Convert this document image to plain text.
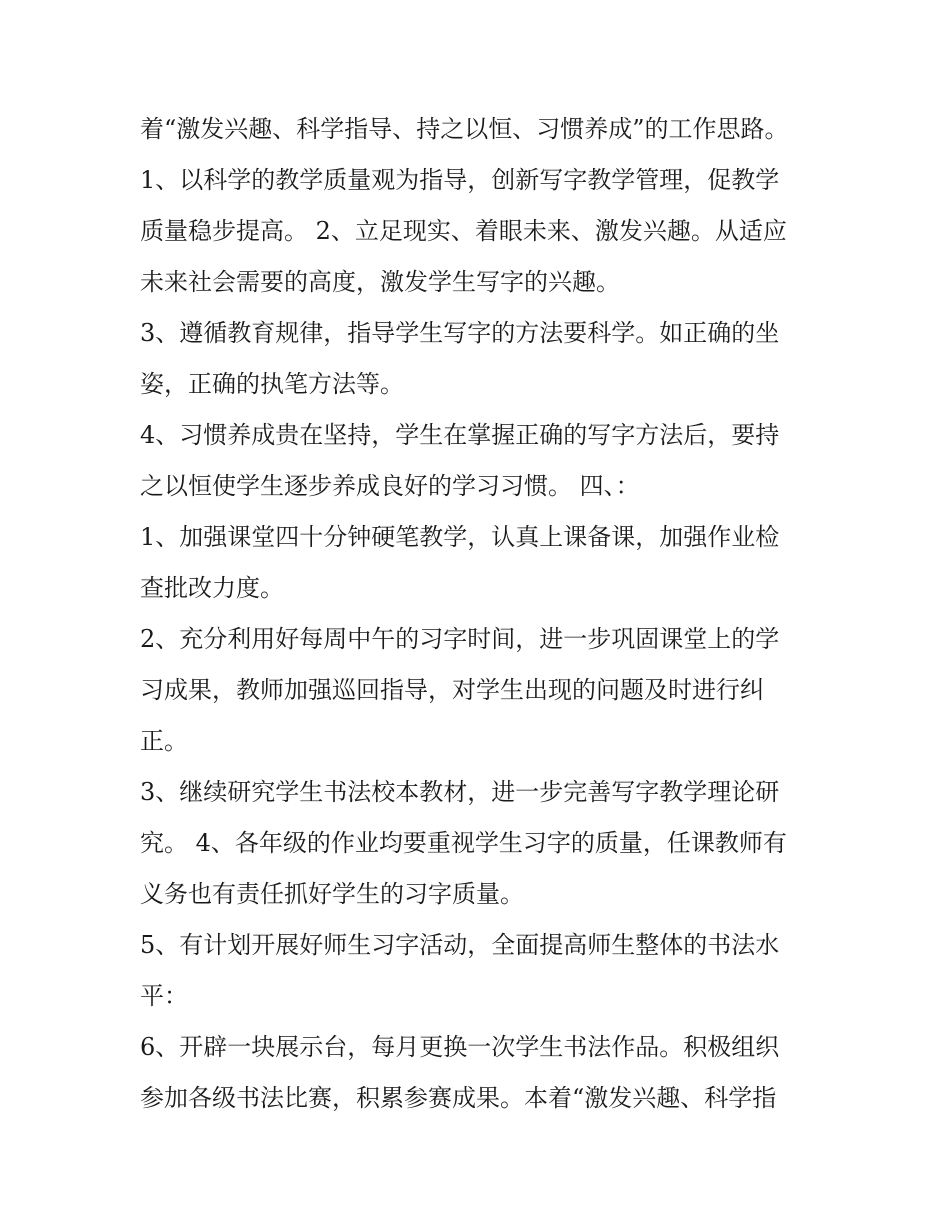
着“激发兴趣、科学指导、持之以恒、习惯养成”的工作思路。
1、以科学的教学质量观为指导，创新写字教学管理，促教学
质量稳步提高。 2、立足现实、着眼未来、激发兴趣。从适应
未来社会需要的高度，激发学生写字的兴趣。
3、遵循教育规律，指导学生写字的方法要科学。如正确的坐
姿，正确的执笔方法等。
4、习惯养成贵在坚持，学生在掌握正确的写字方法后，要持
之以恒使学生逐步养成良好的学习习惯。 四、：
1、加强课堂四十分钟硬笔教学，认真上课备课，加强作业检
查批改力度。
2、充分利用好每周中午的习字时间，进一步巩固课堂上的学
习成果，教师加强巡回指导，对学生出现的问题及时进行纠
正。
3、继续研究学生书法校本教材，进一步完善写字教学理论研
究。 4、各年级的作业均要重视学生习字的质量，任课教师有
义务也有责任抓好学生的习字质量。
5、有计划开展好师生习字活动，全面提高师生整体的书法水
平：
6、开辟一块展示台，每月更换一次学生书法作品。积极组织
参加各级书法比赛，积累参赛成果。本着“激发兴趣、科学指
